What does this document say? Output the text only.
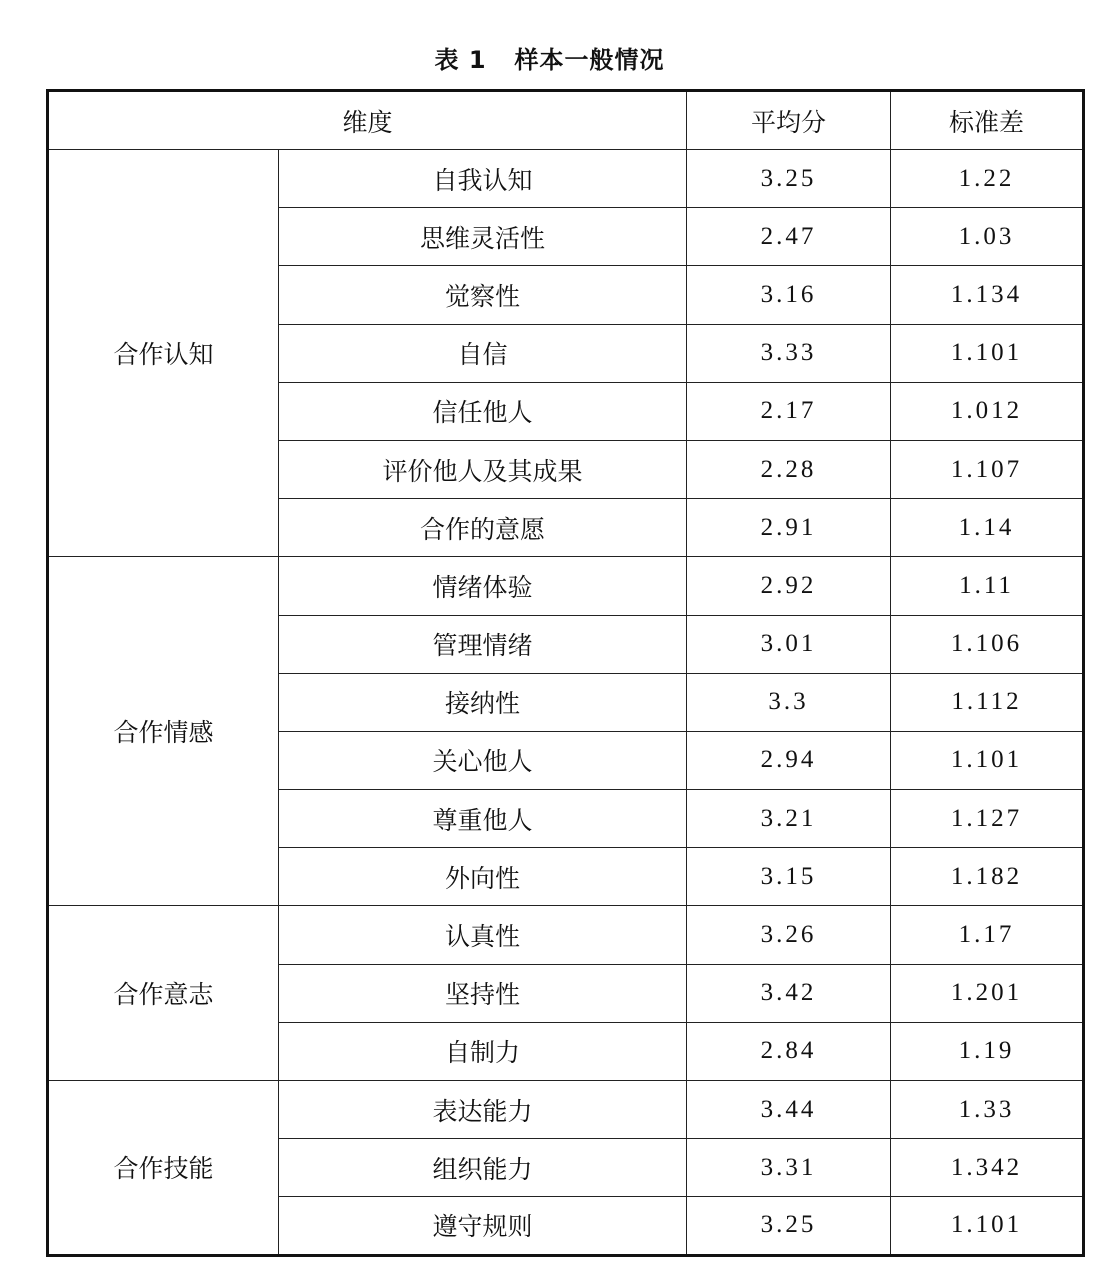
表 1 样本一般情况
维度		平均分	标准差
合作认知	自我认知	3.25	1.22
	思维灵活性	2.47	1.03
	觉察性	3.16	1.134
	自信	3.33	1.101
	信任他人	2.17	1.012
	评价他人及其成果	2.28	1.107
	合作的意愿	2.91	1.14
合作情感	情绪体验	2.92	1.11
	管理情绪	3.01	1.106
	接纳性	3.3	1.112
	关心他人	2.94	1.101
	尊重他人	3.21	1.127
	外向性	3.15	1.182
合作意志	认真性	3.26	1.17
	坚持性	3.42	1.201
	自制力	2.84	1.19
合作技能	表达能力	3.44	1.33
	组织能力	3.31	1.342
	遵守规则	3.25	1.101
